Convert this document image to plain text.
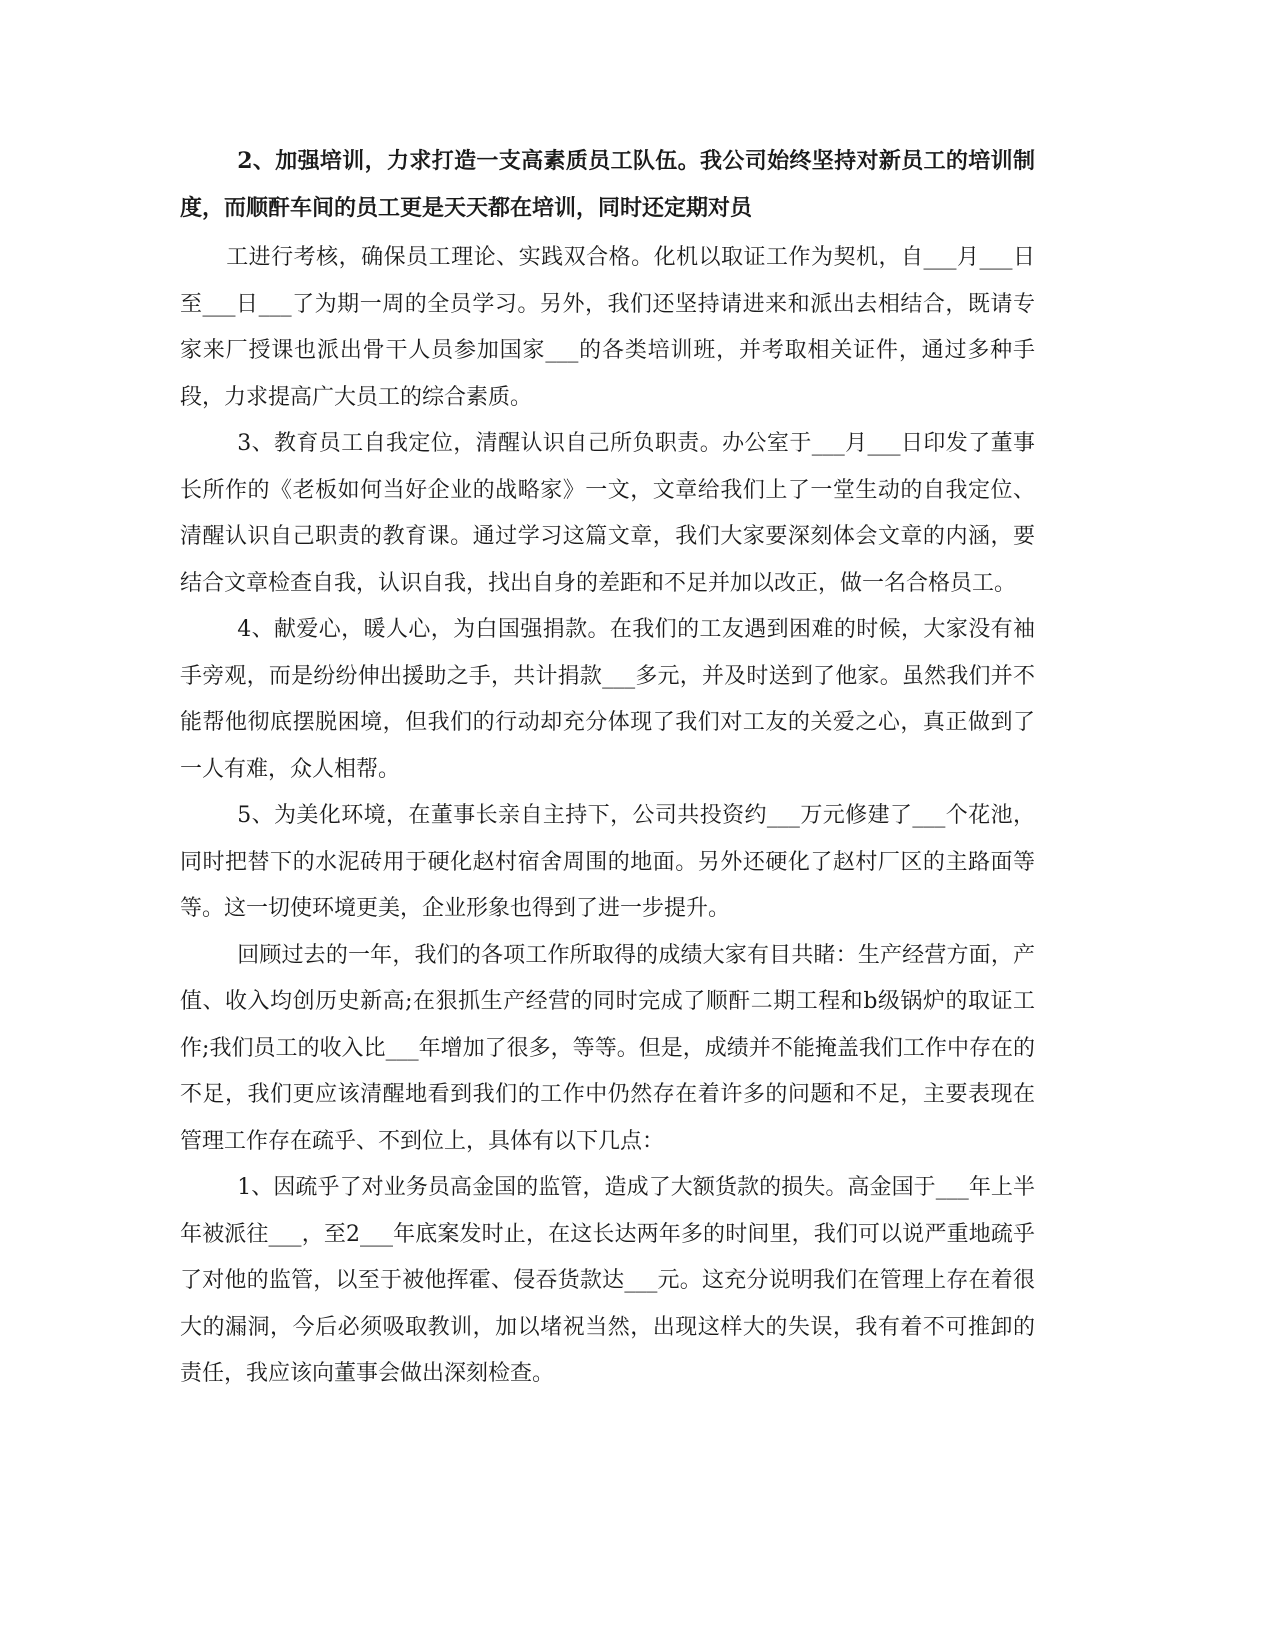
2、加强培训，力求打造一支高素质员工队伍。我公司始终坚持对新员工的培训制度，而顺酐车间的员工更是天天都在培训，同时还定期对员

工进行考核，确保员工理论、实践双合格。化机以取证工作为契机，自___月___日至___日___了为期一周的全员学习。另外，我们还坚持请进来和派出去相结合，既请专家来厂授课也派出骨干人员参加国家___的各类培训班，并考取相关证件，通过多种手段，力求提高广大员工的综合素质。

3、教育员工自我定位，清醒认识自己所负职责。办公室于___月___日印发了董事长所作的《老板如何当好企业的战略家》一文，文章给我们上了一堂生动的自我定位、清醒认识自己职责的教育课。通过学习这篇文章，我们大家要深刻体会文章的内涵，要结合文章检查自我，认识自我，找出自身的差距和不足并加以改正，做一名合格员工。

4、献爱心，暖人心，为白国强捐款。在我们的工友遇到困难的时候，大家没有袖手旁观，而是纷纷伸出援助之手，共计捐款___多元，并及时送到了他家。虽然我们并不能帮他彻底摆脱困境，但我们的行动却充分体现了我们对工友的关爱之心，真正做到了一人有难，众人相帮。

5、为美化环境，在董事长亲自主持下，公司共投资约___万元修建了___个花池，同时把替下的水泥砖用于硬化赵村宿舍周围的地面。另外还硬化了赵村厂区的主路面等等。这一切使环境更美，企业形象也得到了进一步提升。

回顾过去的一年，我们的各项工作所取得的成绩大家有目共睹：生产经营方面，产值、收入均创历史新高;在狠抓生产经营的同时完成了顺酐二期工程和b级锅炉的取证工作;我们员工的收入比___年增加了很多，等等。但是，成绩并不能掩盖我们工作中存在的不足，我们更应该清醒地看到我们的工作中仍然存在着许多的问题和不足，主要表现在管理工作存在疏乎、不到位上，具体有以下几点：

1、因疏乎了对业务员高金国的监管，造成了大额货款的损失。高金国于___年上半年被派往___，至2___年底案发时止，在这长达两年多的时间里，我们可以说严重地疏乎了对他的监管，以至于被他挥霍、侵吞货款达___元。这充分说明我们在管理上存在着很大的漏洞，今后必须吸取教训，加以堵祝当然，出现这样大的失误，我有着不可推卸的责任，我应该向董事会做出深刻检查。
